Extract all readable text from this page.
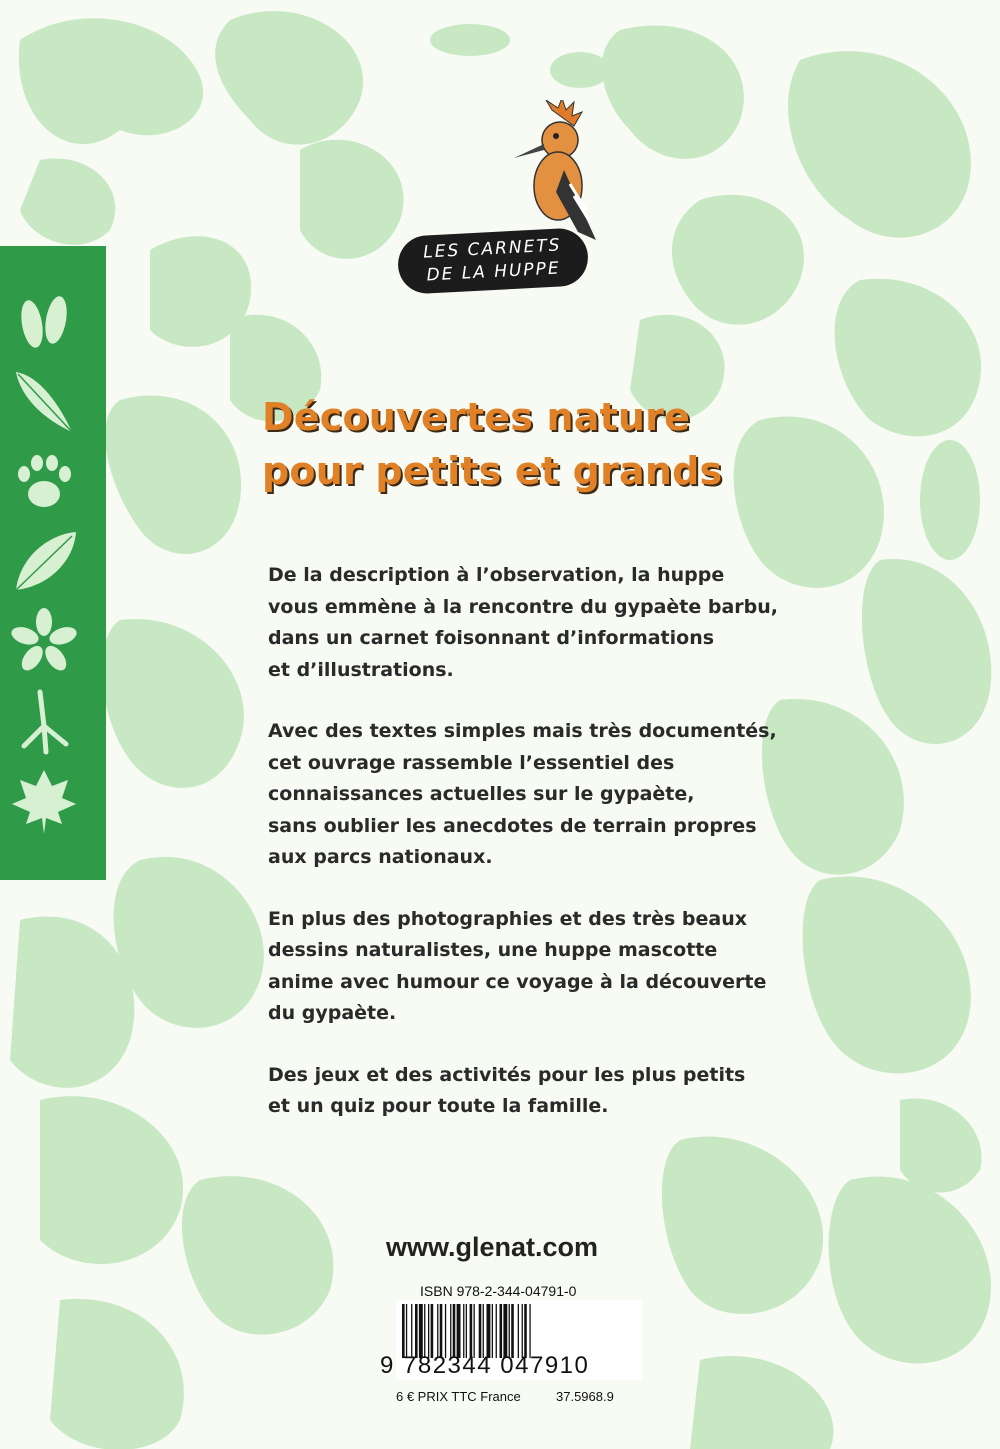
LES CARNETS
DE LA HUPPE
Découvertes nature
pour petits et grands
De la description à l’observation, la huppe
vous emmène à la rencontre du gypaète barbu,
dans un carnet foisonnant d’informations
et d’illustrations.
Avec des textes simples mais très documentés,
cet ouvrage rassemble l’essentiel des
connaissances actuelles sur le gypaète,
sans oublier les anecdotes de terrain propres
aux parcs nationaux.
En plus des photographies et des très beaux
dessins naturalistes, une huppe mascotte
anime avec humour ce voyage à la découverte
du gypaète.
Des jeux et des activités pour les plus petits
et un quiz pour toute la famille.
www.glenat.com
ISBN 978-2-344-04791-0
9 782344 047910
6 € PRIX TTC France	37.5968.9
